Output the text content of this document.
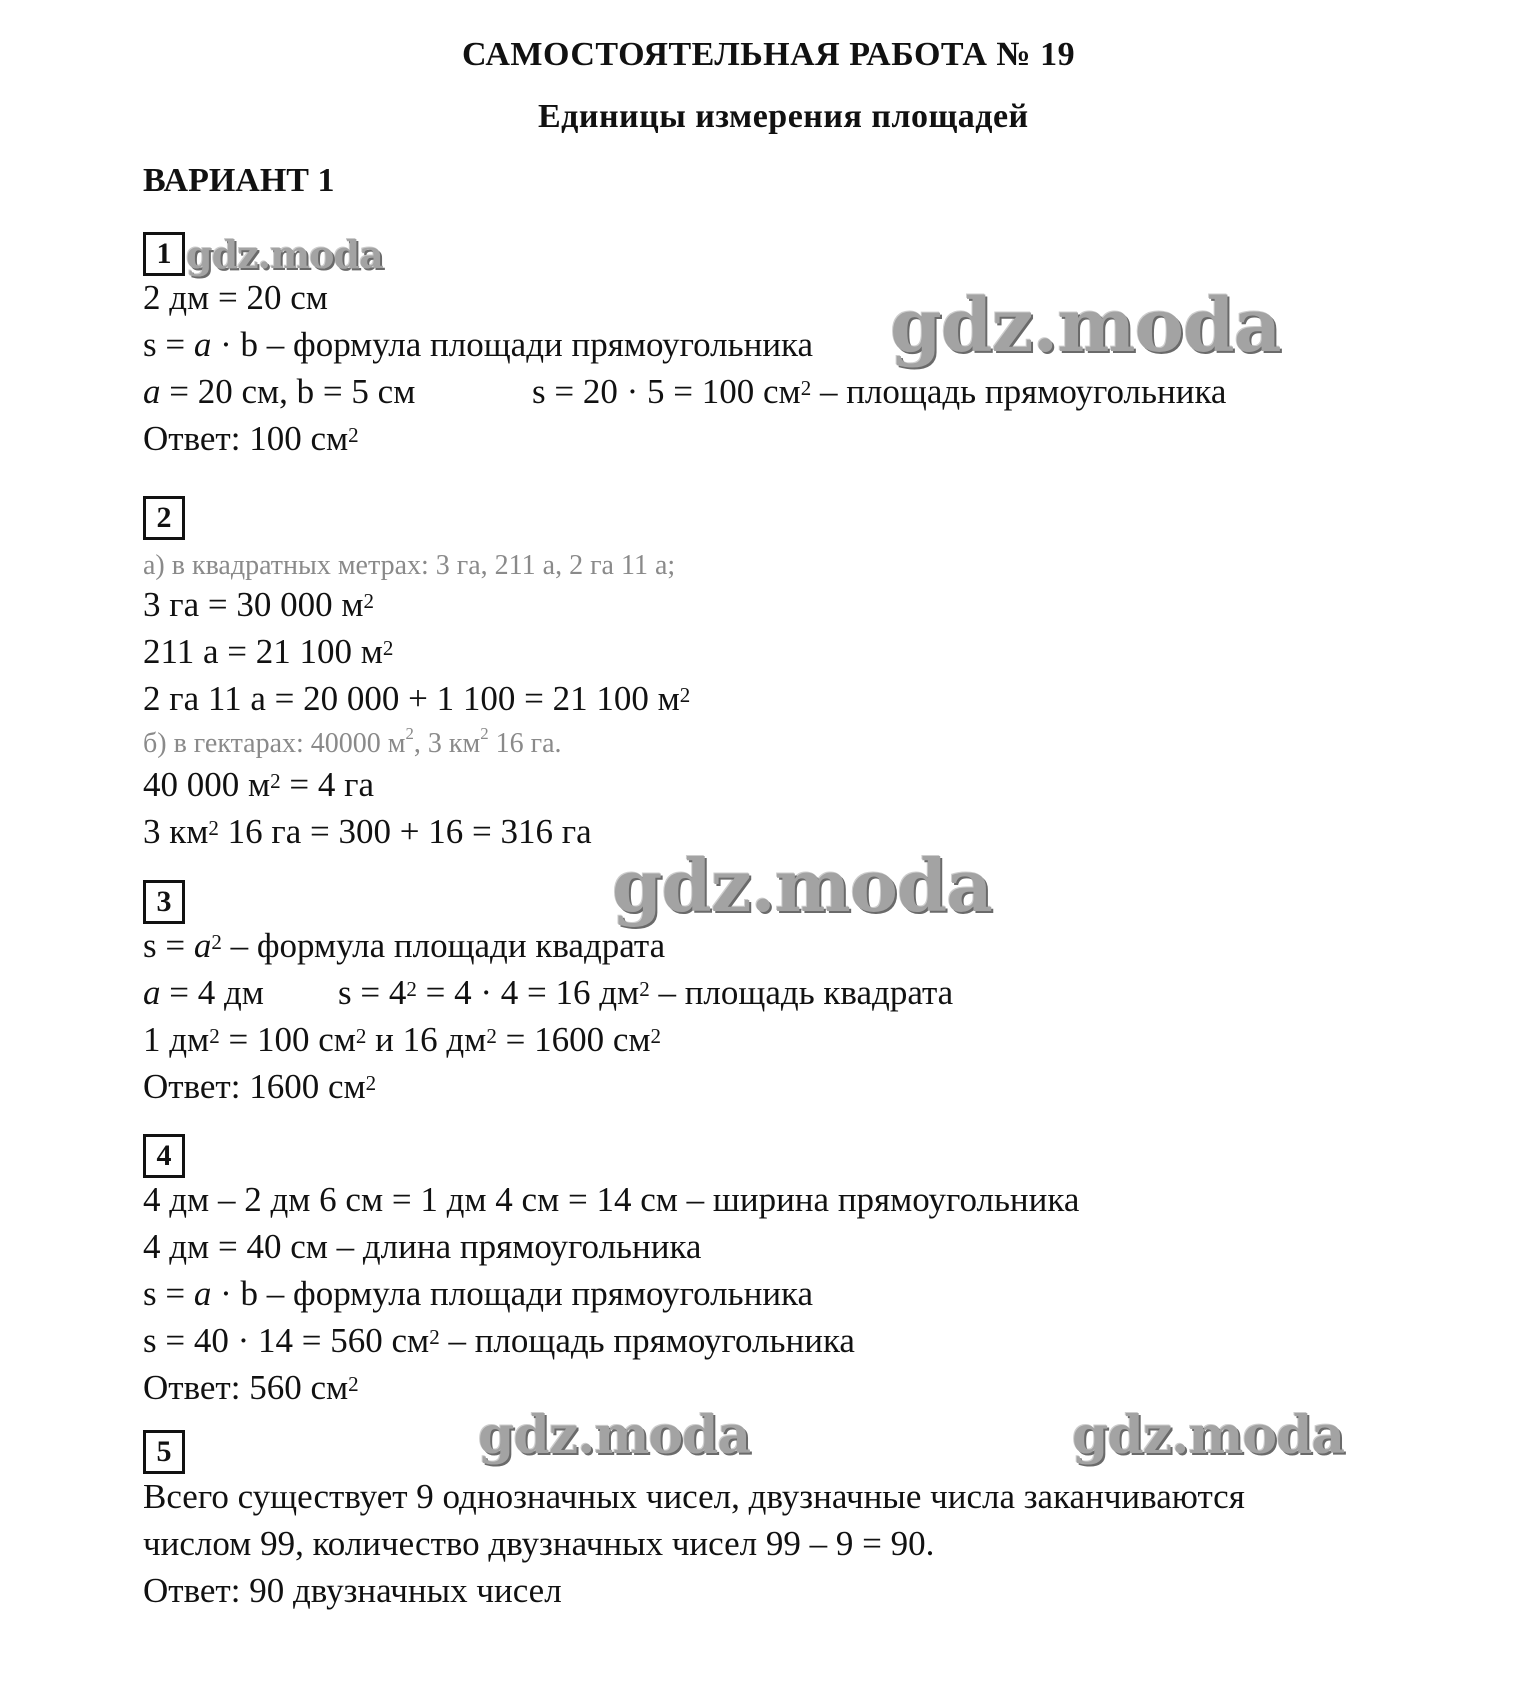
САМОСТОЯТЕЛЬНАЯ РАБОТА № 19
Единицы измерения площадей
ВАРИАНТ 1
gdz.moda
gdz.moda
gdz.moda
gdz.moda	gdz.moda
1
2 дм = 20 см
s = a · b – формула площади прямоугольника
a = 20 см, b = 5 см	s = 20 · 5 = 100 $см^2$ – площадь прямоугольника
Ответ: 100 $см^2$
2
а) в квадратных метрах: 3 га, 211 а, 2 га 11 а;
3 га = 30 000 $м^2$
211 а = 21 100 $м^2$
2 га 11 а = 20 000 + 1 100 = 21 100 $м^2$
б) в гектарах: 40000 $м^2$, 3 $км^2$ 16 га.
40 000 $м^2 = 4$ га
3 $км^2$ 16 га = 300 + 16 = 316 га
3
$s = a^2$ – формула площади квадрата
a = 4 дм $s = 4^2 = 4 \cdot 4 = 16$ $дм^2$ – площадь квадрата
1 $дм^2 = 100$ $см^2$ и 16 $дм^2 = 1600$ $см^2$
Ответ: 1600 $см^2$
4
4 дм – 2 дм 6 см = 1 дм 4 см = 14 см – ширина прямоугольника
4 дм = 40 см – длина прямоугольника
s = a · b – формула площади прямоугольника
s = 40 · 14 = 560 $см^2$ – площадь прямоугольника
Ответ: 560 $см^2$
5
Всего существует 9 однозначных чисел, двузначные числа заканчиваются
числом 99, количество двузначных чисел 99 – 9 = 90.
Ответ: 90 двузначных чисел
